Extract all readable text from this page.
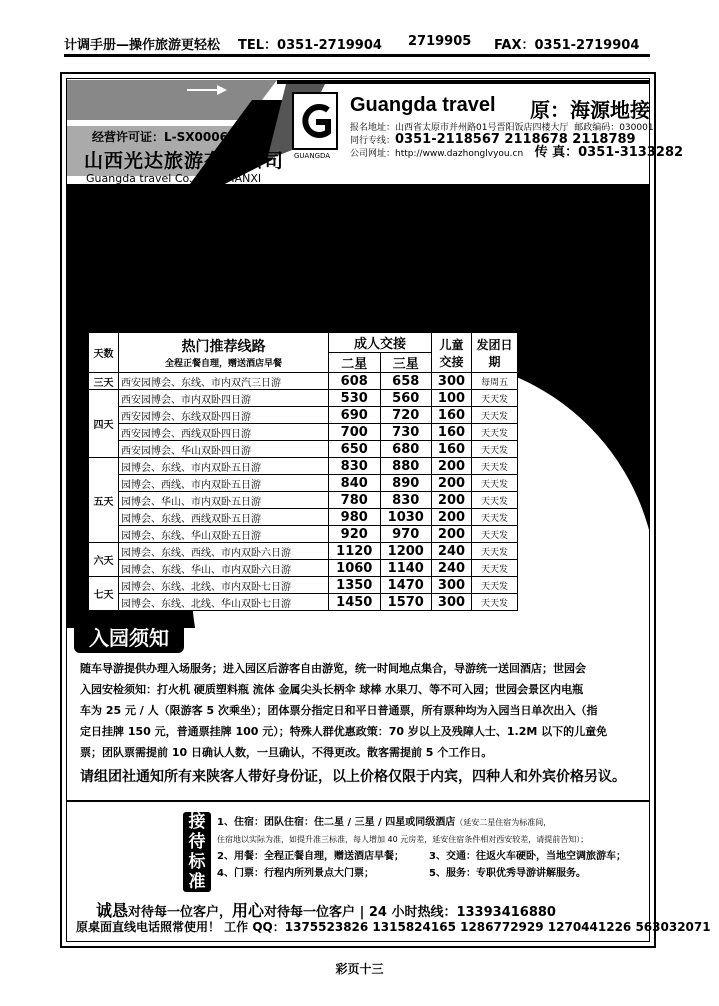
计调手册—操作旅游更轻松 TEL：0351-2719904 2719905 FAX：0351-2719904
经营许可证：L-SX00061
山西光达旅游有限公司
Guangda travel Co.,LTD SHANXI
GUANGDA
Guangda travel 原：海源地接
报名地址：山西省太原市并州路01号晋阳饭店四楼大厅 邮政编码：030001
同行专线：0351-2118567 2118678 2118789
公司网址：http://www.dazhonglvyou.cn 传 真：0351-3133282
2011 年西安世界园艺博览会
天人长安 创意自然
西安园博会专线旅游散客开班啦！火热收客中！！！
确保往返火车票，特殊群体保证中下铺
天数	热门推荐线路
全程正餐自理，赠送酒店早餐	成人交接		儿童交接	发团日期
		二星	三星		
三天	西安园博会、东线、市内双汽三日游	608	658	300	每周五
四天	西安园博会、市内双卧四日游	530	560	100	天天发
	西安园博会、东线双卧四日游	690	720	160	天天发
	西安园博会、西线双卧四日游	700	730	160	天天发
	西安园博会、华山双卧四日游	650	680	160	天天发
五天	园博会、东线、市内双卧五日游	830	880	200	天天发
	园博会、西线、市内双卧五日游	840	890	200	天天发
	园博会、华山、市内双卧五日游	780	830	200	天天发
	园博会、东线、西线双卧五日游	980	1030	200	天天发
	园博会、东线、华山双卧五日游	920	970	200	天天发
六天	园博会、东线、西线、市内双卧六日游	1120	1200	240	天天发
	园博会、东线、华山、市内双卧六日游	1060	1140	240	天天发
七天	园博会、东线、北线、市内双卧七日游	1350	1470	300	天天发
	园博会、东线、北线、华山双卧七日游	1450	1570	300	天天发
入园须知
随车导游提供办理入场服务；进入园区后游客自由游览，统一时间地点集合，导游统一送回酒店；世园会
入园安检须知：打火机 硬质塑料瓶 流体 金属尖头长柄伞 球棒 水果刀、等不可入园；世园会景区内电瓶
车为 25 元 / 人（限游客 5 次乘坐）；团体票分指定日和平日普通票，所有票种均为入园当日单次出入（指
定日挂牌 150 元，普通票挂牌 100 元）；特殊人群优惠政策：70 岁以上及残障人士、1.2M 以下的儿童免
票；团队票需提前 10 日确认人数，一旦确认，不得更改。散客需提前 5 个工作日。
请组团社通知所有来陕客人带好身份证，以上价格仅限于内宾，四种人和外宾价格另议。
接待标准
1、住宿：团队住宿：住二星 / 三星 / 四星或同级酒店（延安二星住宿为标准间，
住宿地以实际为准，如提升准三标准，每人增加 40 元房差，延安住宿条件相对西安较差，请提前告知）；
2、用餐：全程正餐自理，赠送酒店早餐；	3、交通：往返火车硬卧，当地空调旅游车；
4、门票：行程内所列景点大门票；	5、服务：专职优秀导游讲解服务。
诚恳对待每一位客户，用心对待每一位客户 | 24 小时热线：13393416880
原桌面直线电话照常使用！ 工作 QQ：1375523826 1315824165 1286772929 1270441226 563032071
彩页十三
